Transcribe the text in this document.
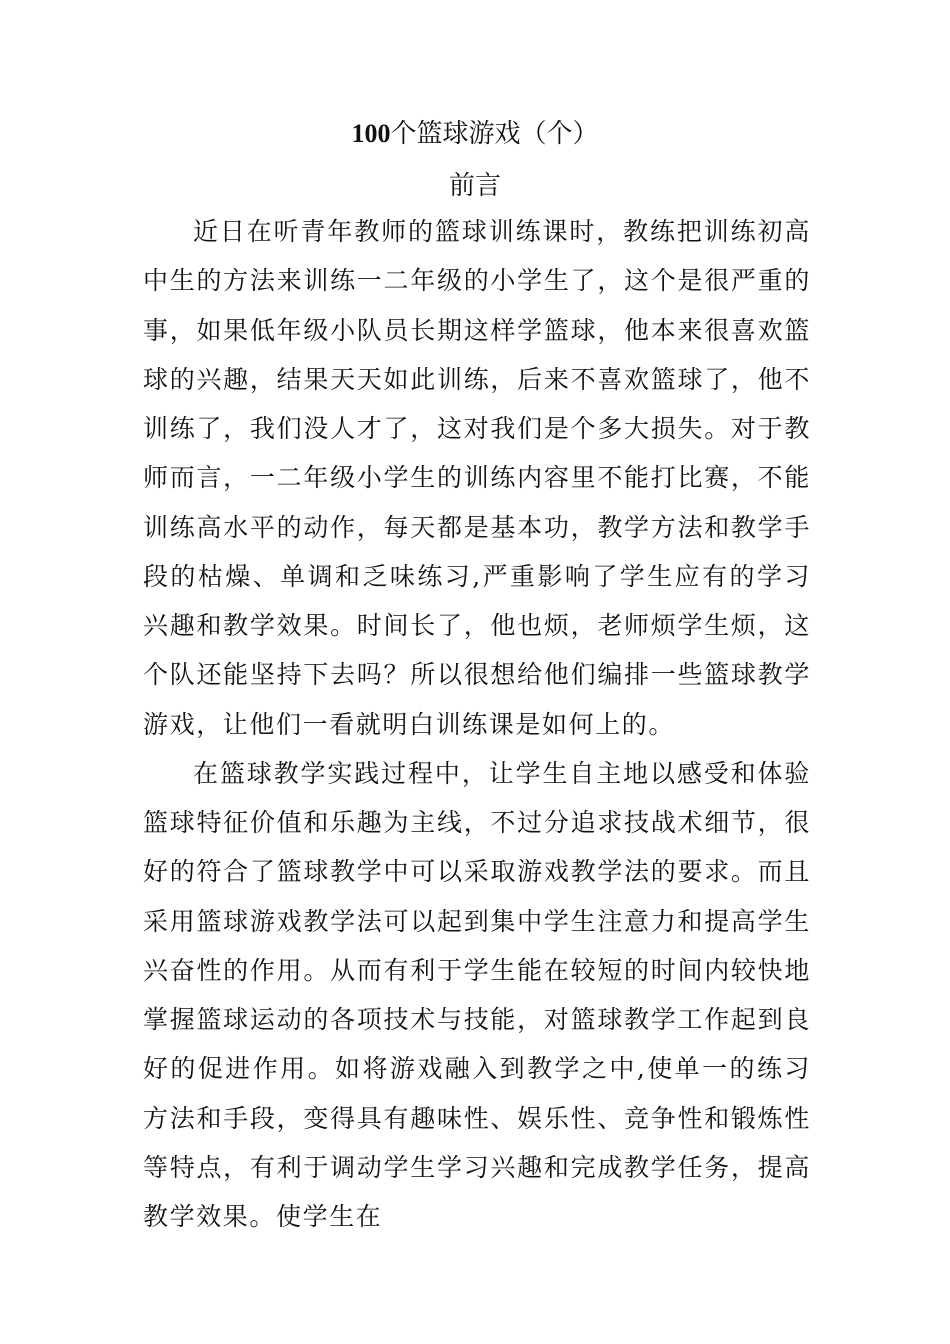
100个篮球游戏（个）
前言

近日在听青年教师的篮球训练课时，教练把训练初高中生的方法来训练一二年级的小学生了，这个是很严重的事，如果低年级小队员长期这样学篮球，他本来很喜欢篮球的兴趣，结果天天如此训练，后来不喜欢篮球了，他不训练了，我们没人才了，这对我们是个多大损失。对于教师而言，一二年级小学生的训练内容里不能打比赛，不能训练高水平的动作，每天都是基本功，教学方法和教学手段的枯燥、单调和乏味练习,严重影响了学生应有的学习兴趣和教学效果。时间长了，他也烦，老师烦学生烦，这个队还能坚持下去吗？所以很想给他们编排一些篮球教学游戏，让他们一看就明白训练课是如何上的。

在篮球教学实践过程中，让学生自主地以感受和体验篮球特征价值和乐趣为主线，不过分追求技战术细节，很好的符合了篮球教学中可以采取游戏教学法的要求。而且采用篮球游戏教学法可以起到集中学生注意力和提高学生兴奋性的作用。从而有利于学生能在较短的时间内较快地掌握篮球运动的各项技术与技能，对篮球教学工作起到良好的促进作用。如将游戏融入到教学之中,使单一的练习方法和手段，变得具有趣味性、娱乐性、竞争性和锻炼性等特点，有利于调动学生学习兴趣和完成教学任务，提高教学效果。使学生在
